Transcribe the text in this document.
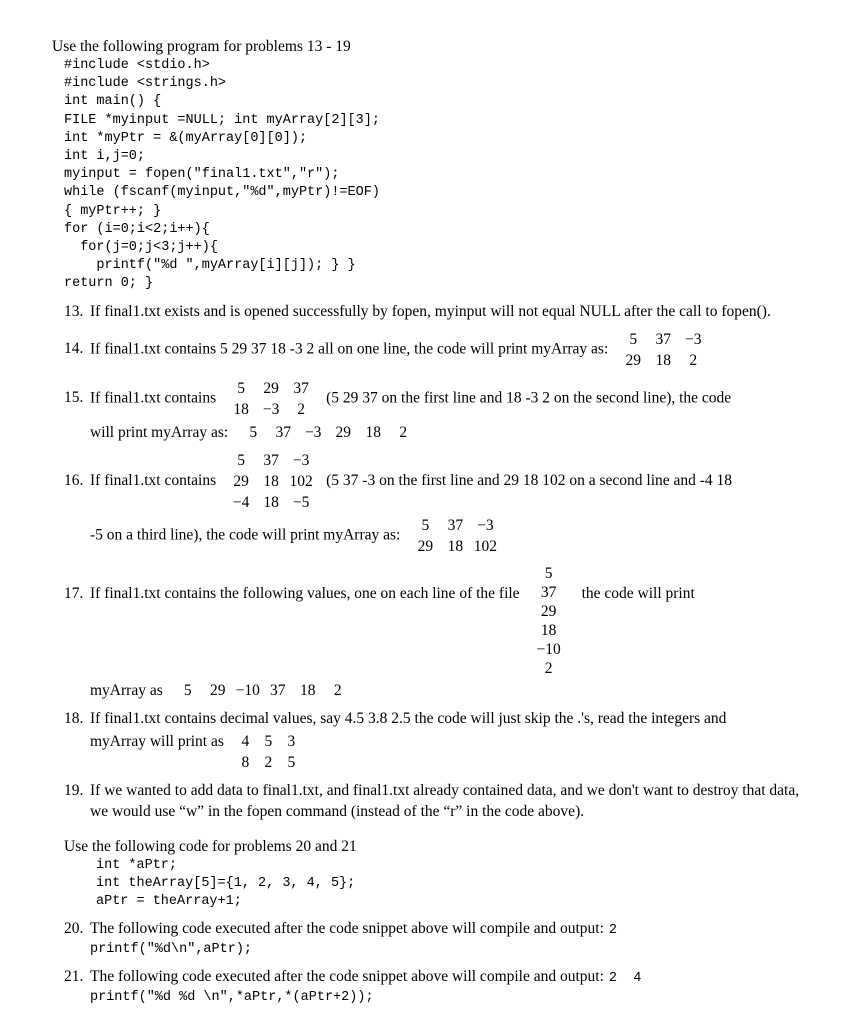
Use the following program for problems 13 - 19
#include <stdio.h>
#include <strings.h>
int main() {
FILE *myinput =NULL; int myArray[2][3];
int *myPtr = &(myArray[0][0]);
int i,j=0;
myinput = fopen("final1.txt","r");
while (fscanf(myinput,"%d",myPtr)!=EOF)
{ myPtr++; }
for (i=0;i<2;i++){
for(j=0;j<3;j++){
printf("%d ",myArray[i][j]); } }
return 0; }
13. If final1.txt exists and is opened successfully by fopen, myinput will not equal NULL after the call to fopen().
14. If final1.txt contains 5 29 37 18 -3 2 all on one line, the code will print myArray as:
5	37 −3
29 18	2
15. If final1.txt contains
5	29 37
18 −3	2
(5 29 37 on the first line and 18 -3 2 on the second line), the code
will print myArray as:	5	37 −3 29 18	2
16. If final1.txt contains
5	37 −3
29 18 102
−4 18 −5
(5 37 -3 on the first line and 29 18 102 on a second line and -4 18
-5 on a third line), the code will print myArray as:
5	37 −3
29 18 102
17. If final1.txt contains the following values, one on each line of the file
5
37
29
18
−10
2
the code will print
myArray as	5	29 −10 37 18	2
18. If final1.txt contains decimal values, say 4.5 3.8 2.5 the code will just skip the .'s, read the integers and
myArray will print as	4 5 3
8 2 5
19. If we wanted to add data to final1.txt, and final1.txt already contained data, and we don't want to destroy that data, we would use “w” in the fopen command (instead of the “r” in the code above).
Use the following code for problems 20 and 21
int *aPtr;
int theArray[5]={1, 2, 3, 4, 5};
aPtr = theArray+1;
20. The following code executed after the code snippet above will compile and output: 2
printf("%d\n",aPtr);
21. The following code executed after the code snippet above will compile and output: 2  4
printf("%d %d \n",*aPtr,*(aPtr+2));
